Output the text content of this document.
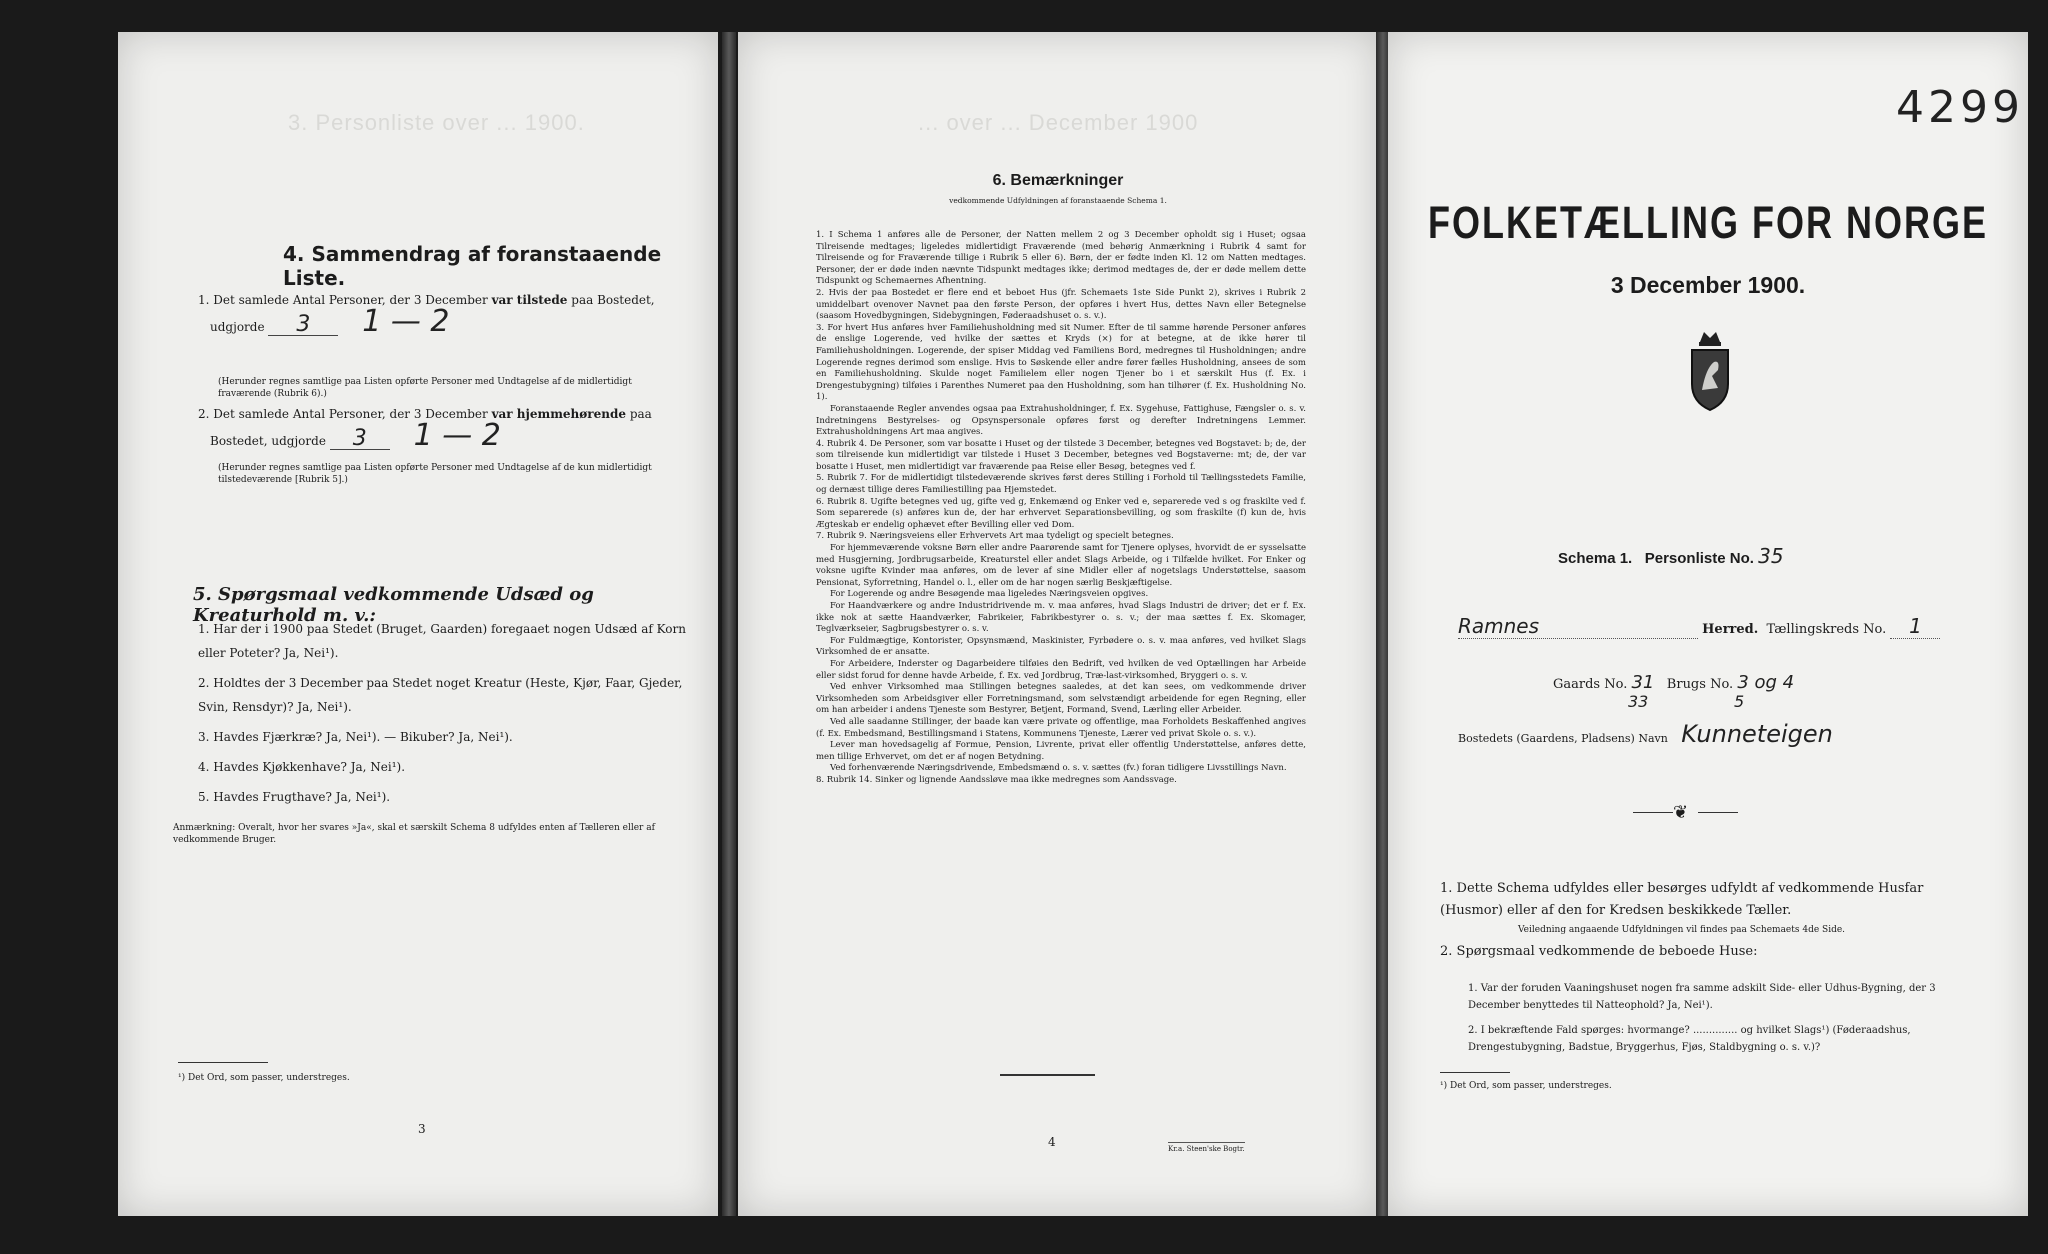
3. Personliste over ... 1900.
4. Sammendrag af foranstaaende Liste.
1. Det samlede Antal Personer, der 3 December var tilstede paa Bostedet,
udgjorde 3 1 — 2
(Herunder regnes samtlige paa Listen opførte Personer med Undtagelse af de midlertidigt fraværende (Rubrik 6).)
2. Det samlede Antal Personer, der 3 December var hjemmehørende paa
Bostedet, udgjorde 3 1 — 2
(Herunder regnes samtlige paa Listen opførte Personer med Undtagelse af de kun midlertidigt tilstedeværende [Rubrik 5].)
5. Spørgsmaal vedkommende Udsæd og Kreaturhold m. v.:
1. Har der i 1900 paa Stedet (Bruget, Gaarden) foregaaet nogen Udsæd af Korn eller Poteter? Ja, Nei¹).
2. Holdtes der 3 December paa Stedet noget Kreatur (Heste, Kjør, Faar, Gjeder, Svin, Rensdyr)? Ja, Nei¹).
3. Havdes Fjærkræ? Ja, Nei¹). — Bikuber? Ja, Nei¹).
4. Havdes Kjøkkenhave? Ja, Nei¹).
5. Havdes Frugthave? Ja, Nei¹).
Anmærkning: Overalt, hvor her svares »Ja«, skal et særskilt Schema 8 udfyldes enten af Tælleren eller af vedkommende Bruger.
¹) Det Ord, som passer, understreges.
3
... over ... December 1900
6. Bemærkninger
vedkommende Udfyldningen af foranstaaende Schema 1.
1. I Schema 1 anføres alle de Personer, der Natten mellem 2 og 3 December opholdt sig i Huset; ogsaa Tilreisende medtages; ligeledes midlertidigt Fraværende (med behørig Anmærkning i Rubrik 4 samt for Tilreisende og for Fraværende tillige i Rubrik 5 eller 6). Børn, der er fødte inden Kl. 12 om Natten medtages. Personer, der er døde inden nævnte Tidspunkt medtages ikke; derimod medtages de, der er døde mellem dette Tidspunkt og Schemaernes Afhentning.
2. Hvis der paa Bostedet er flere end et beboet Hus (jfr. Schemaets 1ste Side Punkt 2), skrives i Rubrik 2 umiddelbart ovenover Navnet paa den første Person, der opføres i hvert Hus, dettes Navn eller Betegnelse (saasom Hovedbygningen, Sidebygningen, Føderaadshuset o. s. v.).
3. For hvert Hus anføres hver Familiehusholdning med sit Numer. Efter de til samme hørende Personer anføres de enslige Logerende, ved hvilke der sættes et Kryds (×) for at betegne, at de ikke hører til Familiehusholdningen. Logerende, der spiser Middag ved Familiens Bord, medregnes til Husholdningen; andre Logerende regnes derimod som enslige. Hvis to Søskende eller andre fører fælles Husholdning, ansees de som en Familiehusholdning. Skulde noget Familielem eller nogen Tjener bo i et særskilt Hus (f. Ex. i Drengestubygning) tilføies i Parenthes Numeret paa den Husholdning, som han tilhører (f. Ex. Husholdning No. 1).
Foranstaaende Regler anvendes ogsaa paa Extrahusholdninger, f. Ex. Sygehuse, Fattighuse, Fængsler o. s. v. Indretningens Bestyrelses- og Opsynspersonale opføres først og derefter Indretningens Lemmer. Extrahusholdningens Art maa angives.
4. Rubrik 4. De Personer, som var bosatte i Huset og der tilstede 3 December, betegnes ved Bogstavet: b; de, der som tilreisende kun midlertidigt var tilstede i Huset 3 December, betegnes ved Bogstaverne: mt; de, der var bosatte i Huset, men midlertidigt var fraværende paa Reise eller Besøg, betegnes ved f.
5. Rubrik 7. For de midlertidigt tilstedeværende skrives først deres Stilling i Forhold til Tællingsstedets Familie, og dernæst tillige deres Familiestilling paa Hjemstedet.
6. Rubrik 8. Ugifte betegnes ved ug, gifte ved g, Enkemænd og Enker ved e, separerede ved s og fraskilte ved f. Som separerede (s) anføres kun de, der har erhvervet Separationsbevilling, og som fraskilte (f) kun de, hvis Ægteskab er endelig ophævet efter Bevilling eller ved Dom.
7. Rubrik 9. Næringsveiens eller Erhvervets Art maa tydeligt og specielt betegnes.
For hjemmeværende voksne Børn eller andre Paarørende samt for Tjenere oplyses, hvorvidt de er sysselsatte med Husgjerning, Jordbrugsarbeide, Kreaturstel eller andet Slags Arbeide, og i Tilfælde hvilket. For Enker og voksne ugifte Kvinder maa anføres, om de lever af sine Midler eller af nogetslags Understøttelse, saasom Pensionat, Syforretning, Handel o. l., eller om de har nogen særlig Beskjæftigelse.
For Logerende og andre Besøgende maa ligeledes Næringsveien opgives.
For Haandværkere og andre Industridrivende m. v. maa anføres, hvad Slags Industri de driver; det er f. Ex. ikke nok at sætte Haandværker, Fabrikeier, Fabrikbestyrer o. s. v.; der maa sættes f. Ex. Skomager, Teglværkseier, Sagbrugsbestyrer o. s. v.
For Fuldmægtige, Kontorister, Opsynsmænd, Maskinister, Fyrbødere o. s. v. maa anføres, ved hvilket Slags Virksomhed de er ansatte.
For Arbeidere, Inderster og Dagarbeidere tilføies den Bedrift, ved hvilken de ved Optællingen har Arbeide eller sidst forud for denne havde Arbeide, f. Ex. ved Jordbrug, Træ-last-virksomhed, Bryggeri o. s. v.
Ved enhver Virksomhed maa Stillingen betegnes saaledes, at det kan sees, om vedkommende driver Virksomheden som Arbeidsgiver eller Forretningsmand, som selvstændigt arbeidende for egen Regning, eller om han arbeider i andens Tjeneste som Bestyrer, Betjent, Formand, Svend, Lærling eller Arbeider.
Ved alle saadanne Stillinger, der baade kan være private og offentlige, maa Forholdets Beskaffenhed angives (f. Ex. Embedsmand, Bestillingsmand i Statens, Kommunens Tjeneste, Lærer ved privat Skole o. s. v.).
Lever man hovedsagelig af Formue, Pension, Livrente, privat eller offentlig Understøttelse, anføres dette, men tillige Erhvervet, om det er af nogen Betydning.
Ved forhenværende Næringsdrivende, Embedsmænd o. s. v. sættes (fv.) foran tidligere Livsstillings Navn.
8. Rubrik 14. Sinker og lignende Aandssløve maa ikke medregnes som Aandssvage.
4	Kr.a. Steen'ske Bogtr.
4299
FOLKETÆLLING FOR NORGE
3 December 1900.
Schema 1. Personliste No. 35
Ramnes	Herred. Tællingskreds No. 1
Gaards No. 31 Brugs No. 3 og 4
33	5
Bostedets (Gaardens, Pladsens) Navn Kunneteigen
❦
1. Dette Schema udfyldes eller besørges udfyldt af vedkommende Husfar (Husmor) eller af den for Kredsen beskikkede Tæller.
Veiledning angaaende Udfyldningen vil findes paa Schemaets 4de Side.
2. Spørgsmaal vedkommende de beboede Huse:
1. Var der foruden Vaaningshuset nogen fra samme adskilt Side- eller Udhus-Bygning, der 3 December benyttedes til Natteophold? Ja, Nei¹).
2. I bekræftende Fald spørges: hvormange? .............. og hvilket Slags¹) (Føderaadshus, Drengestubygning, Badstue, Bryggerhus, Fjøs, Staldbygning o. s. v.)?
¹) Det Ord, som passer, understreges.
